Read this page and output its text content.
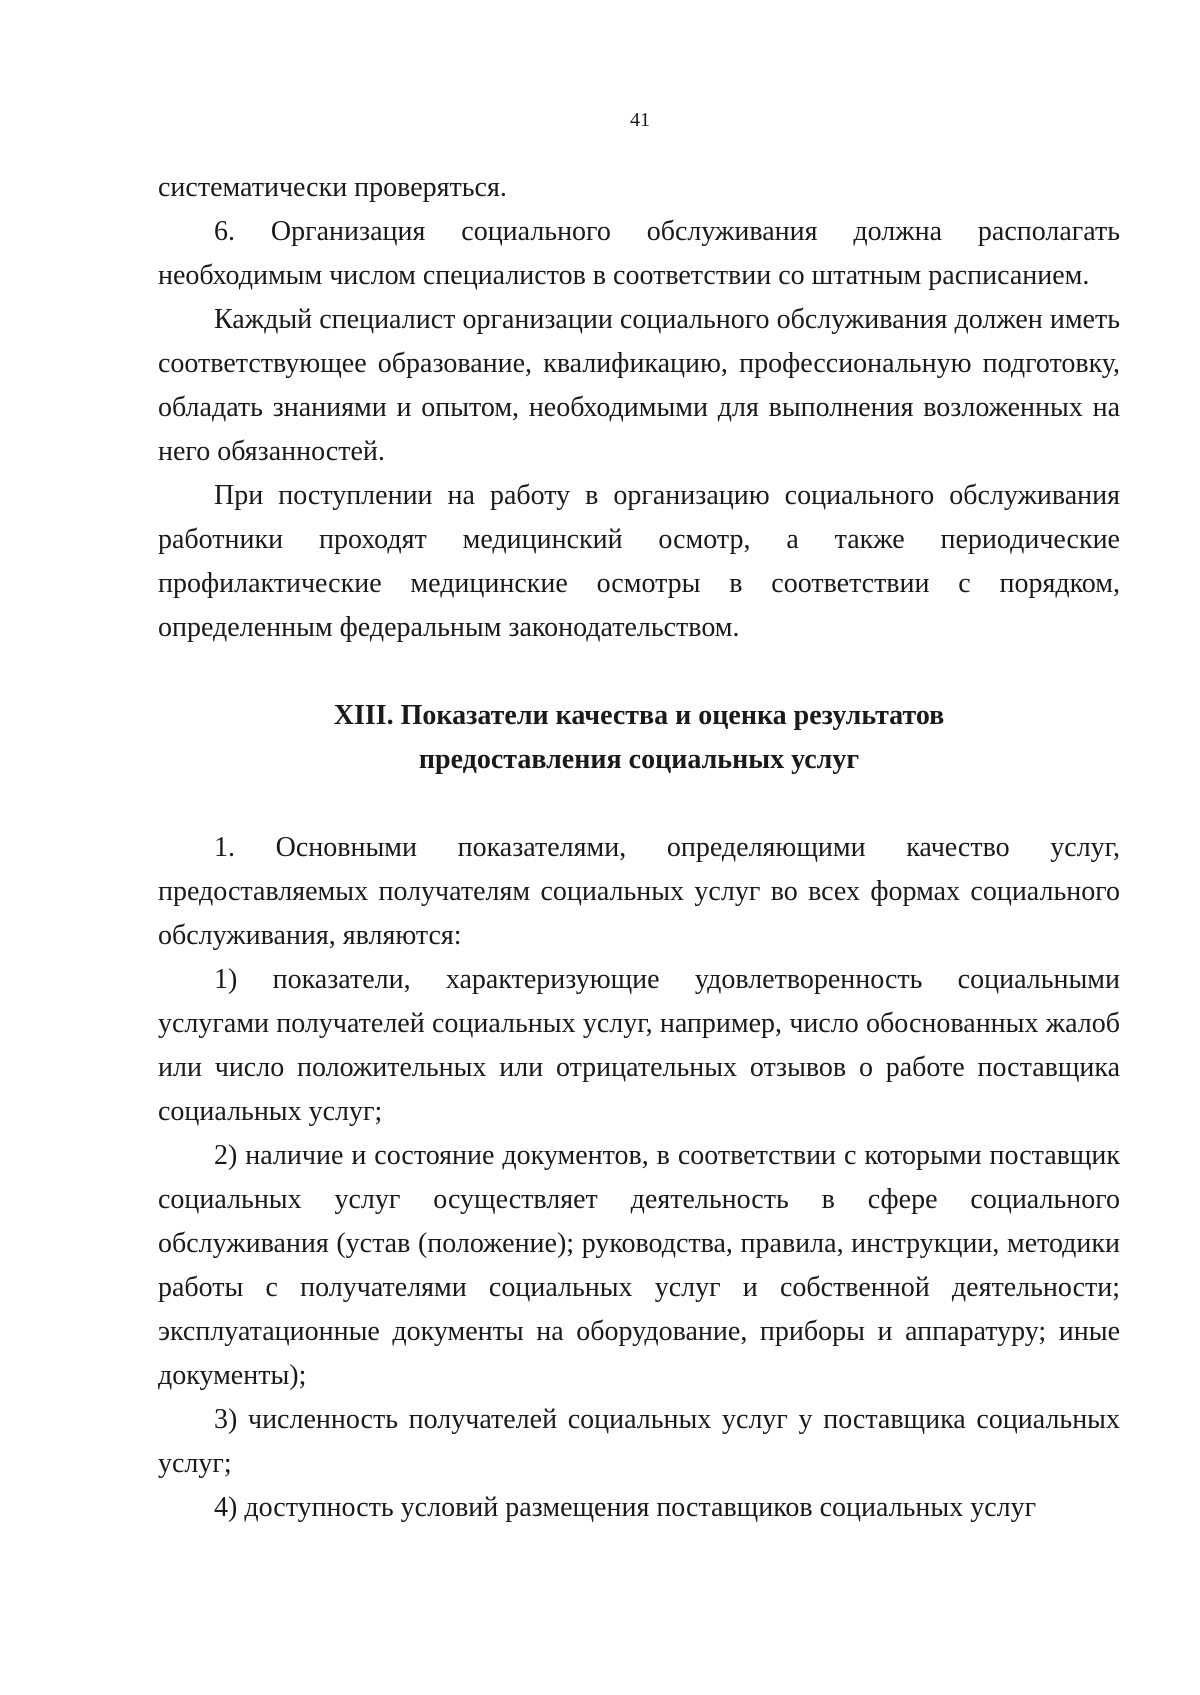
41

систематически проверяться.

6. Организация социального обслуживания должна располагать необходимым числом специалистов в соответствии со штатным расписанием.

Каждый специалист организации социального обслуживания должен иметь соответствующее образование, квалификацию, профессиональную подготовку, обладать знаниями и опытом, необходимыми для выполнения возложенных на него обязанностей.

При поступлении на работу в организацию социального обслуживания работники проходят медицинский осмотр, а также периодические профилактические медицинские осмотры в соответствии с порядком, определенным федеральным законодательством.

XIII. Показатели качества и оценка результатов
предоставления социальных услуг

1. Основными показателями, определяющими качество услуг, предоставляемых получателям социальных услуг во всех формах социального обслуживания, являются:

1) показатели, характеризующие удовлетворенность социальными услугами получателей социальных услуг, например, число обоснованных жалоб или число положительных или отрицательных отзывов о работе поставщика социальных услуг;

2) наличие и состояние документов, в соответствии с которыми поставщик социальных услуг осуществляет деятельность в сфере социального обслуживания (устав (положение); руководства, правила, инструкции, методики работы с получателями социальных услуг и собственной деятельности; эксплуатационные документы на оборудование, приборы и аппаратуру; иные документы);

3) численность получателей социальных услуг у поставщика социальных услуг;

4) доступность условий размещения поставщиков социальных услуг
